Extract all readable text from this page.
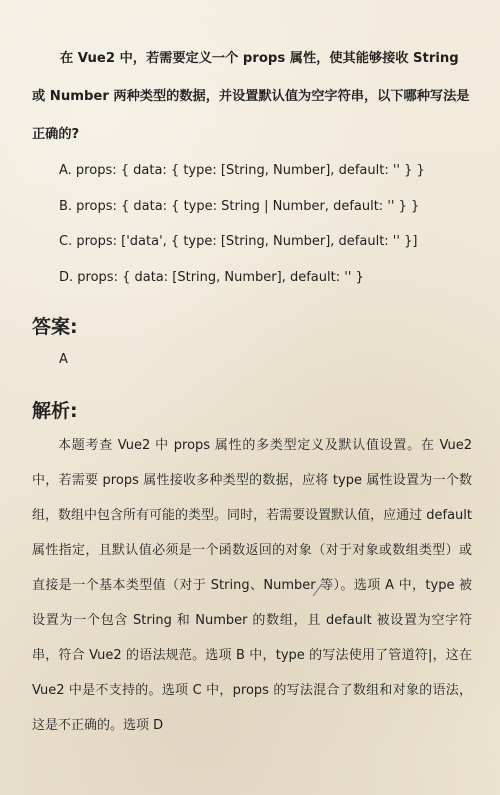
在 Vue2 中，若需要定义一个 props 属性，使其能够接收 String 或 Number 两种类型的数据，并设置默认值为空字符串，以下哪种写法是正确的?
A. props: { data: { type: [String, Number], default: '' } }
B. props: { data: { type: String | Number, default: '' } }
C. props: ['data', { type: [String, Number], default: '' }]
D. props: { data: [String, Number], default: '' }
答案:
A
解析:
本题考查 Vue2 中 props 属性的多类型定义及默认值设置。在 Vue2 中，若需要 props 属性接收多种类型的数据，应将 type 属性设置为一个数组，数组中包含所有可能的类型。同时，若需要设置默认值，应通过 default 属性指定，且默认值必须是一个函数返回的对象（对于对象或数组类型）或直接是一个基本类型值（对于 String、Number 等）。选项 A 中，type 被设置为一个包含 String 和 Number 的数组，且 default 被设置为空字符串，符合 Vue2 的语法规范。选项 B 中，type 的写法使用了管道符|，这在 Vue2 中是不支持的。选项 C 中，props 的写法混合了数组和对象的语法，这是不正确的。选项 D
